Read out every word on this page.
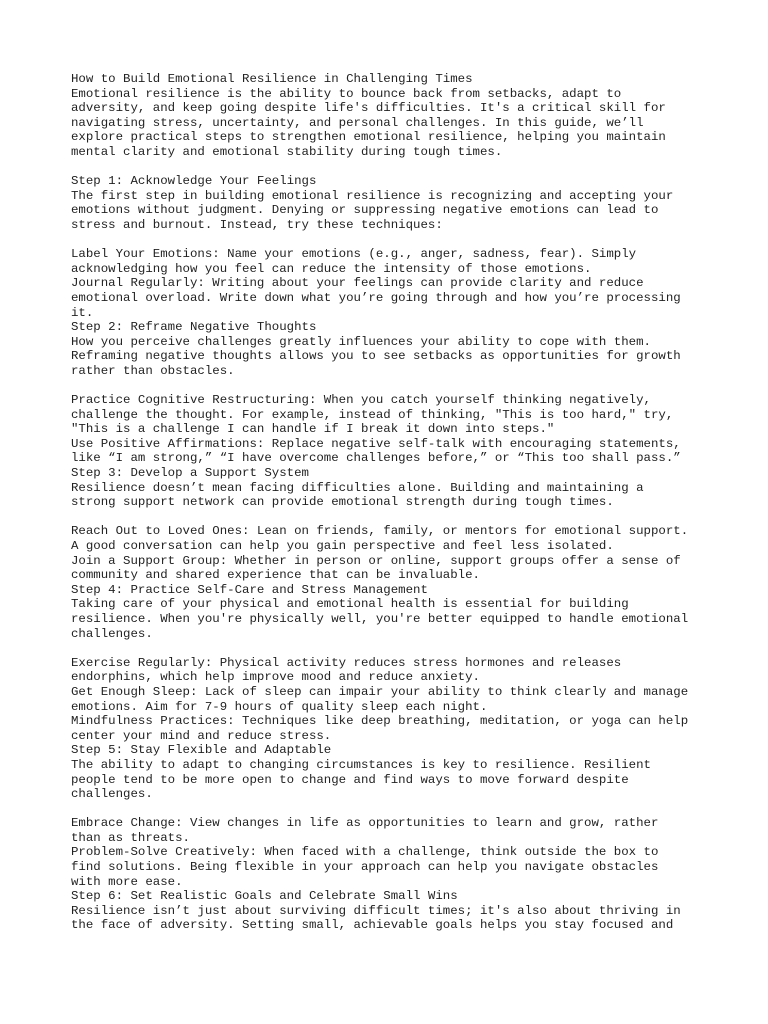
How to Build Emotional Resilience in Challenging Times
Emotional resilience is the ability to bounce back from setbacks, adapt to
adversity, and keep going despite life's difficulties. It's a critical skill for
navigating stress, uncertainty, and personal challenges. In this guide, we’ll
explore practical steps to strengthen emotional resilience, helping you maintain
mental clarity and emotional stability during tough times.
Step 1: Acknowledge Your Feelings
The first step in building emotional resilience is recognizing and accepting your
emotions without judgment. Denying or suppressing negative emotions can lead to
stress and burnout. Instead, try these techniques:
Label Your Emotions: Name your emotions (e.g., anger, sadness, fear). Simply
acknowledging how you feel can reduce the intensity of those emotions.
Journal Regularly: Writing about your feelings can provide clarity and reduce
emotional overload. Write down what you’re going through and how you’re processing
it.
Step 2: Reframe Negative Thoughts
How you perceive challenges greatly influences your ability to cope with them.
Reframing negative thoughts allows you to see setbacks as opportunities for growth
rather than obstacles.
Practice Cognitive Restructuring: When you catch yourself thinking negatively,
challenge the thought. For example, instead of thinking, "This is too hard," try,
"This is a challenge I can handle if I break it down into steps."
Use Positive Affirmations: Replace negative self-talk with encouraging statements,
like “I am strong,” “I have overcome challenges before,” or “This too shall pass.”
Step 3: Develop a Support System
Resilience doesn’t mean facing difficulties alone. Building and maintaining a
strong support network can provide emotional strength during tough times.
Reach Out to Loved Ones: Lean on friends, family, or mentors for emotional support.
A good conversation can help you gain perspective and feel less isolated.
Join a Support Group: Whether in person or online, support groups offer a sense of
community and shared experience that can be invaluable.
Step 4: Practice Self-Care and Stress Management
Taking care of your physical and emotional health is essential for building
resilience. When you're physically well, you're better equipped to handle emotional
challenges.
Exercise Regularly: Physical activity reduces stress hormones and releases
endorphins, which help improve mood and reduce anxiety.
Get Enough Sleep: Lack of sleep can impair your ability to think clearly and manage
emotions. Aim for 7-9 hours of quality sleep each night.
Mindfulness Practices: Techniques like deep breathing, meditation, or yoga can help
center your mind and reduce stress.
Step 5: Stay Flexible and Adaptable
The ability to adapt to changing circumstances is key to resilience. Resilient
people tend to be more open to change and find ways to move forward despite
challenges.
Embrace Change: View changes in life as opportunities to learn and grow, rather
than as threats.
Problem-Solve Creatively: When faced with a challenge, think outside the box to
find solutions. Being flexible in your approach can help you navigate obstacles
with more ease.
Step 6: Set Realistic Goals and Celebrate Small Wins
Resilience isn’t just about surviving difficult times; it's also about thriving in
the face of adversity. Setting small, achievable goals helps you stay focused and
